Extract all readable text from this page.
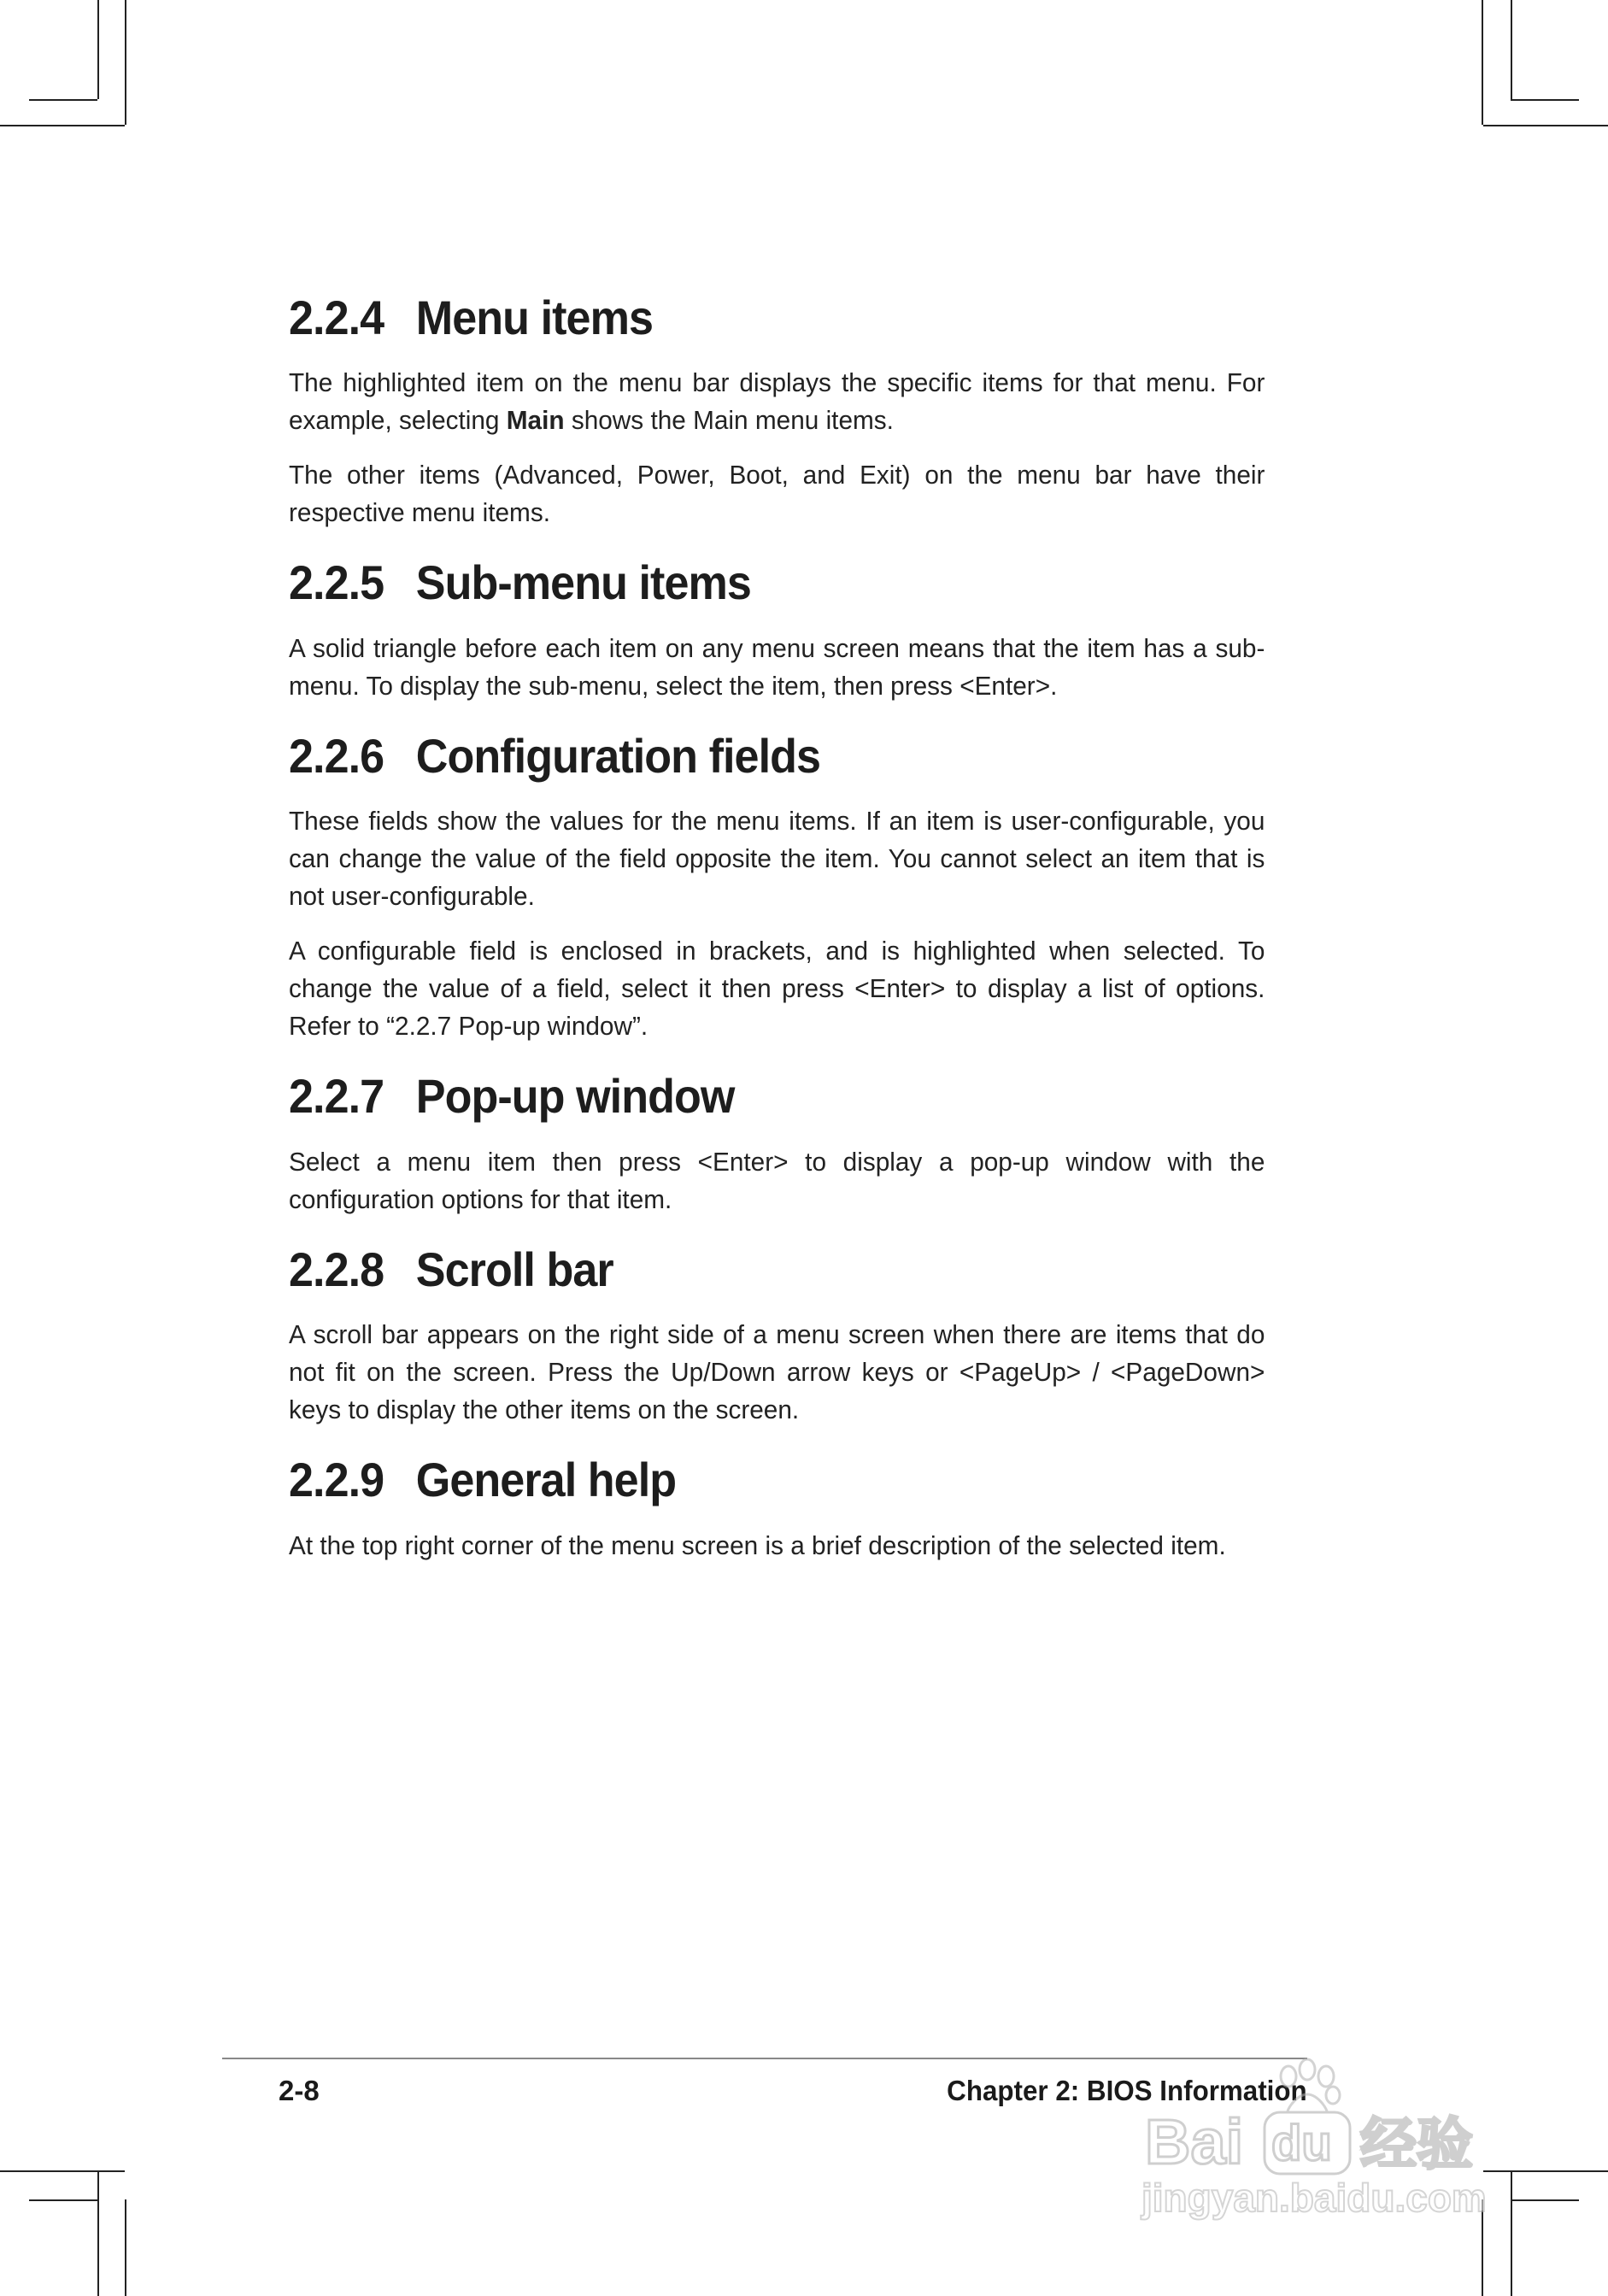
2.2.4 Menu items

The highlighted item on the menu bar displays the specific items for that menu. For example, selecting Main shows the Main menu items.

The other items (Advanced, Power, Boot, and Exit) on the menu bar have their respective menu items.

2.2.5 Sub-menu items

A solid triangle before each item on any menu screen means that the item has a sub-menu. To display the sub-menu, select the item, then press <Enter>.

2.2.6 Configuration fields

These fields show the values for the menu items. If an item is user-configurable, you can change the value of the field opposite the item. You cannot select an item that is not user-configurable.

A configurable field is enclosed in brackets, and is highlighted when selected. To change the value of a field, select it then press <Enter> to display a list of options. Refer to “2.2.7 Pop-up window”.

2.2.7 Pop-up window

Select a menu item then press <Enter> to display a pop-up window with the configuration options for that item.

2.2.8 Scroll bar

A scroll bar appears on the right side of a menu screen when there are items that do not fit on the screen. Press the Up/Down arrow keys or <PageUp> / <PageDown> keys to display the other items on the screen.

2.2.9 General help

At the top right corner of the menu screen is a brief description of the selected item.

2-8	Chapter 2: BIOS Information
Bai du 经验
jingyan.baidu.com
